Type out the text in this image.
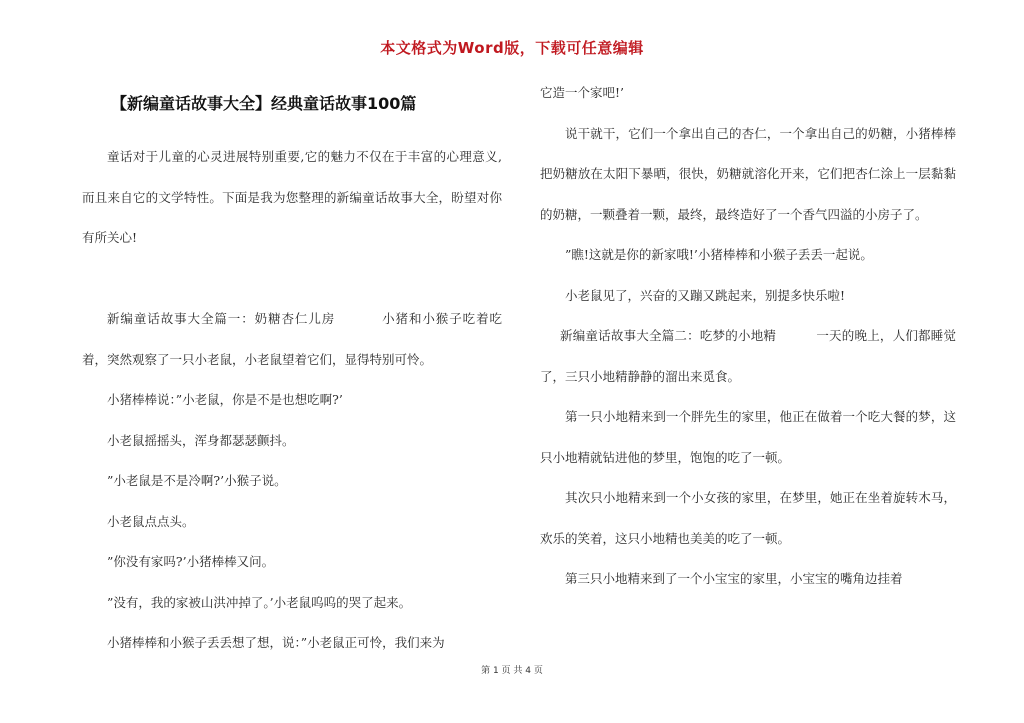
本文格式为Word版，下载可任意编辑
【新编童话故事大全】经典童话故事100篇

童话对于儿童的心灵进展特别重要,它的魅力不仅在于丰富的心理意义,而且来自它的文学特性。下面是我为您整理的新编童话故事大全，盼望对你有所关心!

新编童话故事大全篇一：奶糖杏仁儿房	小猪和小猴子吃着吃着，突然观察了一只小老鼠，小老鼠望着它们，显得特别可怜。

小猪棒棒说：”小老鼠，你是不是也想吃啊?’

小老鼠摇摇头，浑身都瑟瑟颤抖。

”小老鼠是不是冷啊?’小猴子说。

小老鼠点点头。

”你没有家吗?’小猪棒棒又问。

”没有，我的家被山洪冲掉了。’小老鼠呜呜的哭了起来。

小猪棒棒和小猴子丢丢想了想，说：”小老鼠正可怜，我们来为

它造一个家吧!’

说干就干，它们一个拿出自己的杏仁，一个拿出自己的奶糖，小猪棒棒把奶糖放在太阳下暴晒，很快，奶糖就溶化开来，它们把杏仁涂上一层黏黏的奶糖，一颗叠着一颗，最终，最终造好了一个香气四溢的小房子了。

”瞧!这就是你的新家哦!’小猪棒棒和小猴子丢丢一起说。

小老鼠见了，兴奋的又蹦又跳起来，别提多快乐啦!

新编童话故事大全篇二：吃梦的小地精	一天的晚上，人们都睡觉了，三只小地精静静的溜出来觅食。

第一只小地精来到一个胖先生的家里，他正在做着一个吃大餐的梦，这只小地精就钻进他的梦里，饱饱的吃了一顿。

其次只小地精来到一个小女孩的家里，在梦里，她正在坐着旋转木马，欢乐的笑着，这只小地精也美美的吃了一顿。

第三只小地精来到了一个小宝宝的家里，小宝宝的嘴角边挂着

第 1 页 共 4 页
